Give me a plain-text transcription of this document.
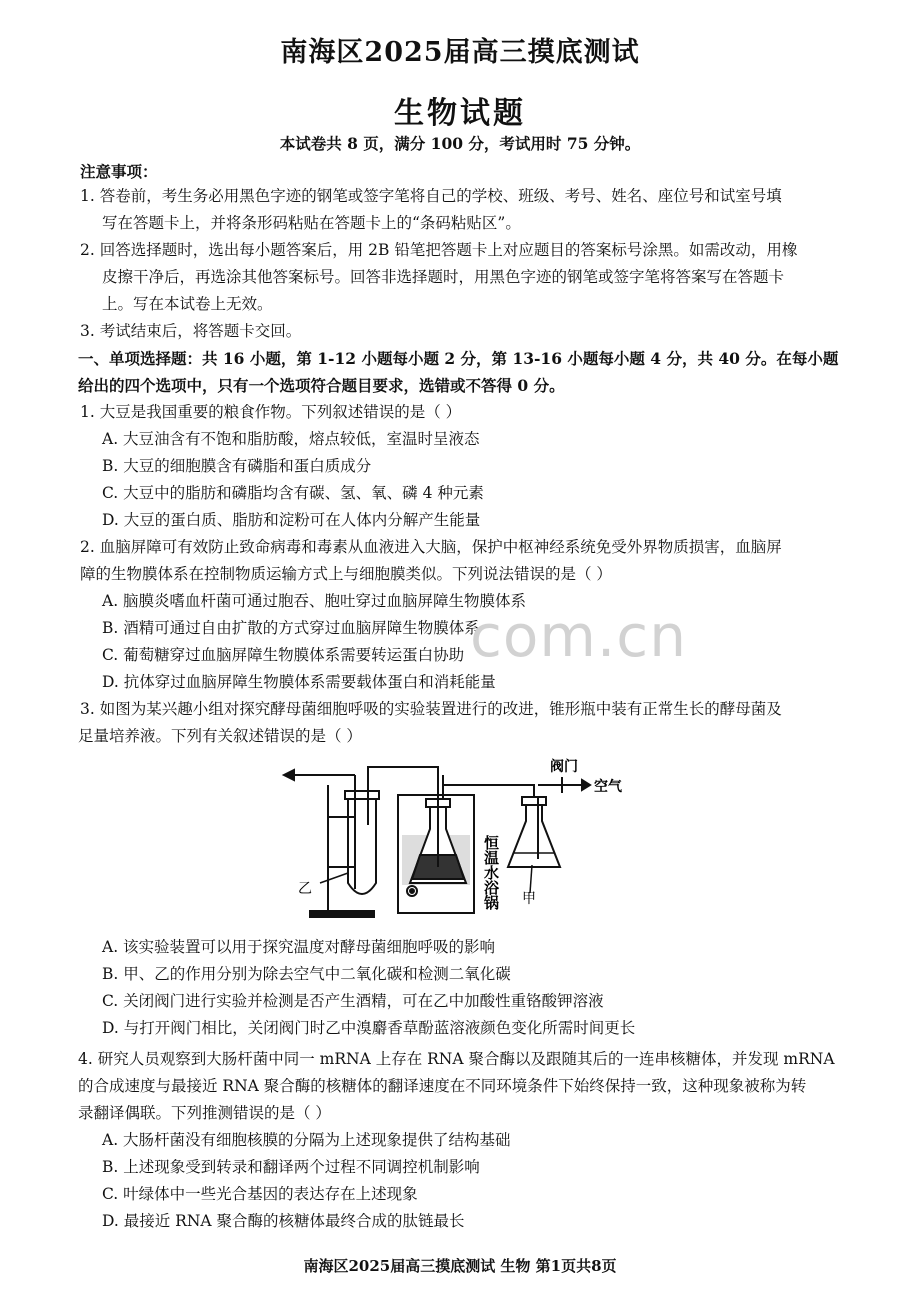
南海区2025届高三摸底测试
生物试题
本试卷共 8 页，满分 100 分，考试用时 75 分钟。
注意事项：
1. 答卷前，考生务必用黑色字迹的钢笔或签字笔将自己的学校、班级、考号、姓名、座位号和试室号填
写在答题卡上，并将条形码粘贴在答题卡上的“条码粘贴区”。
2. 回答选择题时，选出每小题答案后，用 2B 铅笔把答题卡上对应题目的答案标号涂黑。如需改动，用橡
皮擦干净后，再选涂其他答案标号。回答非选择题时，用黑色字迹的钢笔或签字笔将答案写在答题卡
上。写在本试卷上无效。
3. 考试结束后，将答题卡交回。
一、单项选择题：共 16 小题，第 1-12 小题每小题 2 分，第 13-16 小题每小题 4 分，共 40 分。在每小题
给出的四个选项中，只有一个选项符合题目要求，选错或不答得 0 分。
1. 大豆是我国重要的粮食作物。下列叙述错误的是（ ）
A. 大豆油含有不饱和脂肪酸，熔点较低，室温时呈液态
B. 大豆的细胞膜含有磷脂和蛋白质成分
C. 大豆中的脂肪和磷脂均含有碳、氢、氧、磷 4 种元素
D. 大豆的蛋白质、脂肪和淀粉可在人体内分解产生能量
2. 血脑屏障可有效防止致命病毒和毒素从血液进入大脑，保护中枢神经系统免受外界物质损害，血脑屏
障的生物膜体系在控制物质运输方式上与细胞膜类似。下列说法错误的是（ ）
A. 脑膜炎嗜血杆菌可通过胞吞、胞吐穿过血脑屏障生物膜体系
B. 酒精可通过自由扩散的方式穿过血脑屏障生物膜体系
C. 葡萄糖穿过血脑屏障生物膜体系需要转运蛋白协助
D. 抗体穿过血脑屏障生物膜体系需要载体蛋白和消耗能量
com.cn
3. 如图为某兴趣小组对探究酵母菌细胞呼吸的实验装置进行的改进，锥形瓶中装有正常生长的酵母菌及
足量培养液。下列有关叙述错误的是（ ）
阀门
空气
乙
甲
恒温水浴锅
A. 该实验装置可以用于探究温度对酵母菌细胞呼吸的影响
B. 甲、乙的作用分别为除去空气中二氧化碳和检测二氧化碳
C. 关闭阀门进行实验并检测是否产生酒精，可在乙中加酸性重铬酸钾溶液
D. 与打开阀门相比，关闭阀门时乙中溴麝香草酚蓝溶液颜色变化所需时间更长
4. 研究人员观察到大肠杆菌中同一 mRNA 上存在 RNA 聚合酶以及跟随其后的一连串核糖体，并发现 mRNA
的合成速度与最接近 RNA 聚合酶的核糖体的翻译速度在不同环境条件下始终保持一致，这种现象被称为转
录翻译偶联。下列推测错误的是（ ）
A. 大肠杆菌没有细胞核膜的分隔为上述现象提供了结构基础
B. 上述现象受到转录和翻译两个过程不同调控机制影响
C. 叶绿体中一些光合基因的表达存在上述现象
D. 最接近 RNA 聚合酶的核糖体最终合成的肽链最长
南海区2025届高三摸底测试 生物 第1页共8页
